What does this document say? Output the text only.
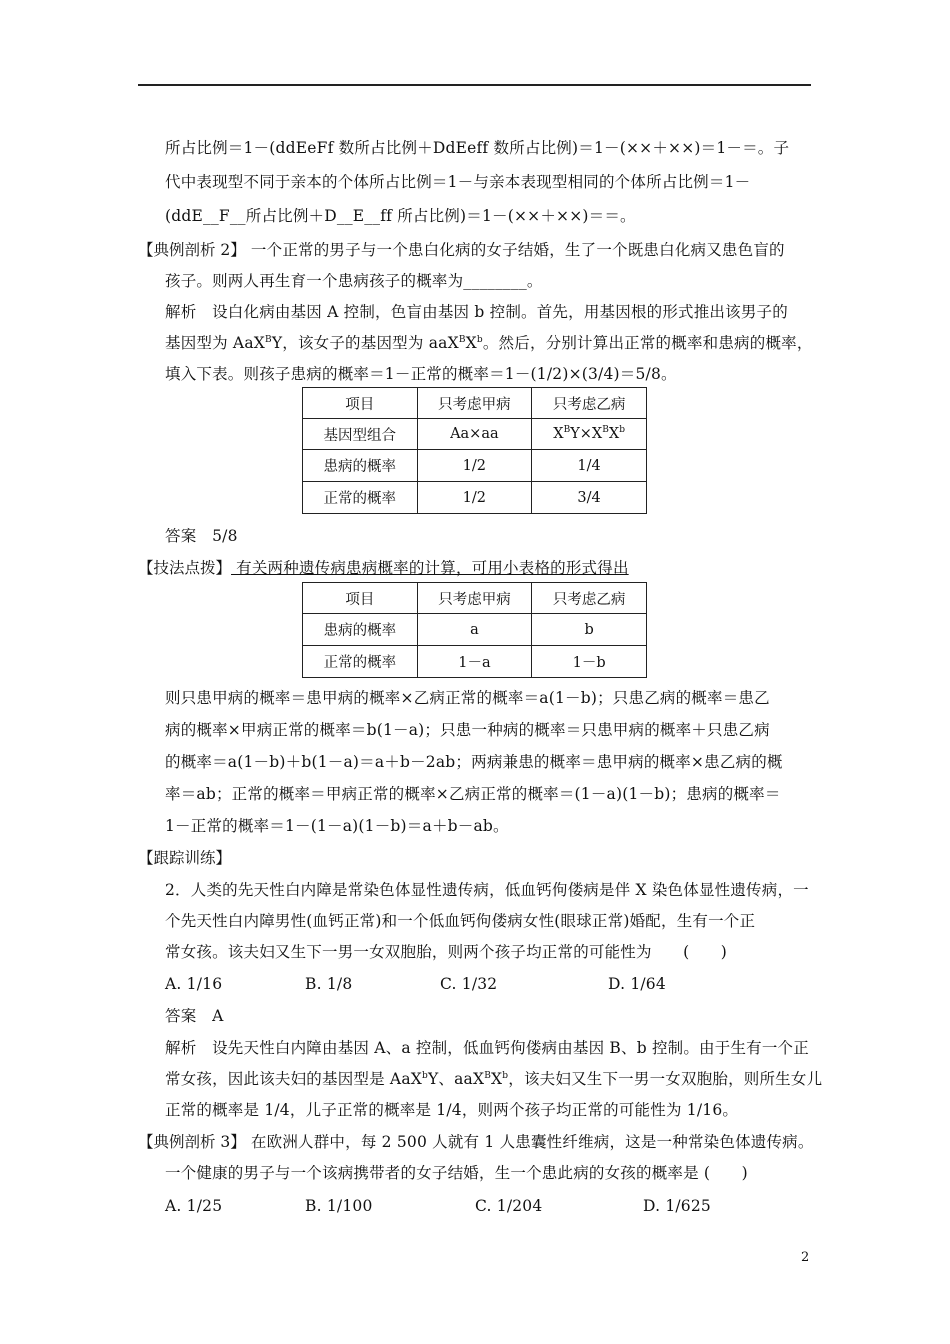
所占比例＝1－(ddEeFf 数所占比例＋DdEeff 数所占比例)＝1－(××＋××)＝1－＝。子
代中表现型不同于亲本的个体所占比例＝1－与亲本表现型相同的个体所占比例＝1－
(ddE__F__所占比例＋D__E__ff 所占比例)＝1－(××＋××)＝＝。
【典例剖析 2】 一个正常的男子与一个患白化病的女子结婚，生了一个既患白化病又患色盲的
孩子。则两人再生育一个患病孩子的概率为________。
解析　设白化病由基因 A 控制，色盲由基因 b 控制。首先，用基因根的形式推出该男子的
基因型为 AaX$^B$Y，该女子的基因型为 $aaX^BX^b$。然后，分别计算出正常的概率和患病的概率，
填入下表。则孩子患病的概率＝1－正常的概率＝1－(1/2)×(3/4)＝5/8。
项目	只考虑甲病	只考虑乙病
基因型组合	Aa×aa	$X^BY\times X^BX^b$
患病的概率	1/2	1/4
正常的概率	1/2	3/4
答案　5/8
【技法点拨】 有关两种遗传病患病概率的计算，可用小表格的形式得出
项目	只考虑甲病	只考虑乙病
患病的概率	a	b
正常的概率	1－a	1－b
则只患甲病的概率＝患甲病的概率×乙病正常的概率＝a(1－b)；只患乙病的概率＝患乙
病的概率×甲病正常的概率＝b(1－a)；只患一种病的概率＝只患甲病的概率＋只患乙病
的概率＝a(1－b)＋b(1－a)＝a＋b－2ab；两病兼患的概率＝患甲病的概率×患乙病的概
率＝ab；正常的概率＝甲病正常的概率×乙病正常的概率＝(1－a)(1－b)；患病的概率＝
1－正常的概率＝1－(1－a)(1－b)＝a＋b－ab。
【跟踪训练】
2．人类的先天性白内障是常染色体显性遗传病，低血钙佝偻病是伴 X 染色体显性遗传病，一
个先天性白内障男性(血钙正常)和一个低血钙佝偻病女性(眼球正常)婚配，生有一个正
常女孩。该夫妇又生下一男一女双胞胎，则两个孩子均正常的可能性为　　(　　)
A. 1/16	B. 1/8	C. 1/32	D. 1/64
答案　A
解析　设先天性白内障由基因 A、a 控制，低血钙佝偻病由基因 B、b 控制。由于生有一个正
常女孩，因此该夫妇的基因型是 AaX$^b$Y、$aaX^BX^b$，该夫妇又生下一男一女双胞胎，则所生女儿
正常的概率是 1/4，儿子正常的概率是 1/4，则两个孩子均正常的可能性为 1/16。
【典例剖析 3】 在欧洲人群中，每 2 500 人就有 1 人患囊性纤维病，这是一种常染色体遗传病。
一个健康的男子与一个该病携带者的女子结婚，生一个患此病的女孩的概率是 (　　)
A. 1/25	B. 1/100	C. 1/204	D. 1/625
2
